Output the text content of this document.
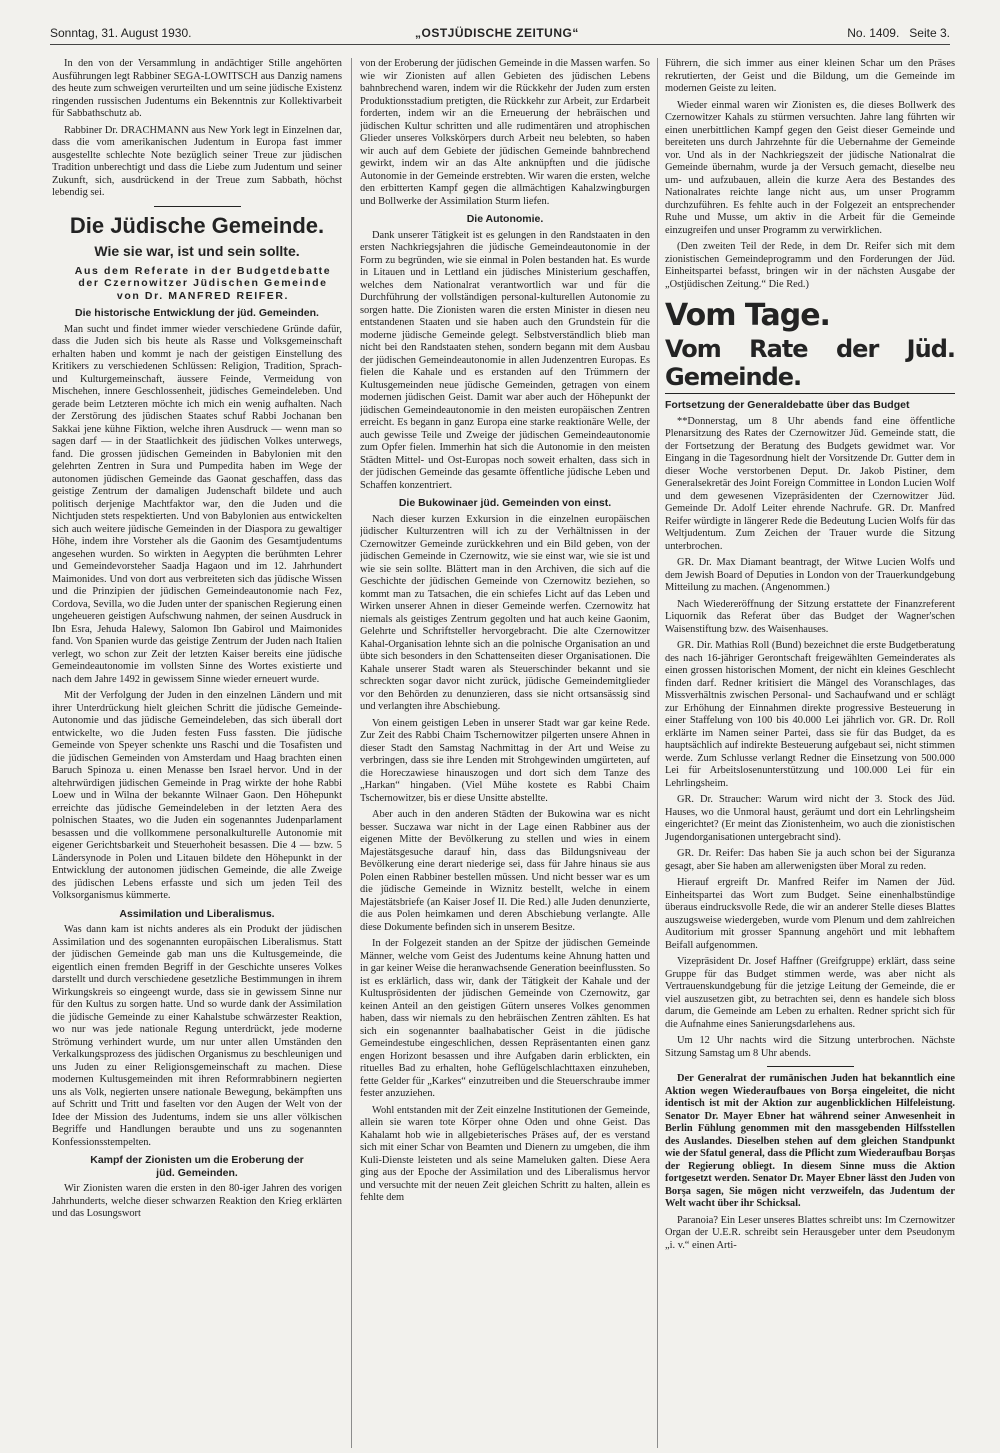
Sonntag, 31. August 1930.	„OSTJÜDISCHE ZEITUNG“	No. 1409. Seite 3.

In den von der Versammlung in andächtiger Stille angehörten Ausführungen legt Rabbiner SEGA-LOWITSCH aus Danzig namens des heute zum schweigen verurteilten und um seine jüdische Existenz ringenden russischen Judentums ein Bekenntnis zur Kollektivarbeit für Sabbathschutz ab.

Rabbiner Dr. DRACHMANN aus New York legt in Einzelnen dar, dass die vom amerikanischen Judentum in Europa fast immer ausgestellte schlechte Note bezüglich seiner Treue zur jüdischen Tradition unberechtigt und dass die Liebe zum Judentum und seiner Zukunft, sich, ausdrückend in der Treue zum Sabbath, höchst lebendig sei.

Die Jüdische Gemeinde.
Wie sie war, ist und sein sollte.

Aus dem Referate in der Budgetdebatte

der Czernowitzer Jüdischen Gemeinde

von Dr. MANFRED REIFER.

Die historische Entwicklung der jüd. Gemeinden.

Man sucht und findet immer wieder verschiedene Gründe dafür, dass die Juden sich bis heute als Rasse und Volksgemeinschaft erhalten haben und kommt je nach der geistigen Einstellung des Kritikers zu verschiedenen Schlüssen: Religion, Tradition, Sprach- und Kulturgemeinschaft, äussere Feinde, Vermeidung von Mischehen, innere Geschlossenheit, jüdisches Gemeindeleben. Und gerade beim Letzteren möchte ich mich ein wenig aufhalten. Nach der Zerstörung des jüdischen Staates schuf Rabbi Jochanan ben Sakkai jene kühne Fiktion, welche ihren Ausdruck — wenn man so sagen darf — in der Staatlichkeit des jüdischen Volkes unterwegs, fand. Die grossen jüdischen Gemeinden in Babylonien mit den gelehrten Zentren in Sura und Pumpedita haben im Wege der autonomen jüdischen Gemeinde das Gaonat geschaffen, dass das geistige Zentrum der damaligen Judenschaft bildete und auch politisch derjenige Machtfaktor war, den die Juden und die Nichtjuden stets respektierten. Und von Babylonien aus entwickelten sich auch weitere jüdische Gemeinden in der Diaspora zu gewaltiger Höhe, indem ihre Vorsteher als die Gaonim des Gesamtjudentums angesehen wurden. So wirkten in Aegypten die berühmten Lehrer und Gemeindevorsteher Saadja Hagaon und im 12. Jahrhundert Maimonides. Und von dort aus verbreiteten sich das jüdische Wissen und die Prinzipien der jüdischen Gemeindeautonomie nach Fez, Cordova, Sevilla, wo die Juden unter der spanischen Regierung einen ungeheueren geistigen Aufschwung nahmen, der seinen Ausdruck in Ibn Esra, Jehuda Halewy, Salomon Ibn Gabirol und Maimonides fand. Von Spanien wurde das geistige Zentrum der Juden nach Italien verlegt, wo schon zur Zeit der letzten Kaiser bereits eine jüdische Gemeindeautonomie im vollsten Sinne des Wortes existierte und nach dem Jahre 1492 in gewissem Sinne wieder erneuert wurde.

Mit der Verfolgung der Juden in den einzelnen Ländern und mit ihrer Unterdrückung hielt gleichen Schritt die jüdische Gemeinde-Autonomie und das jüdische Gemeindeleben, das sich überall dort entwickelte, wo die Juden festen Fuss fassten. Die jüdische Gemeinde von Speyer schenkte uns Raschi und die Tosafisten und die jüdischen Gemeinden von Amsterdam und Haag brachten einen Baruch Spinoza u. einen Menasse ben Israel hervor. Und in der altehrwürdigen jüdischen Gemeinde in Prag wirkte der hohe Rabbi Loew und in Wilna der bekannte Wilnaer Gaon. Den Höhepunkt erreichte das jüdische Gemeindeleben in der letzten Aera des polnischen Staates, wo die Juden ein sogenanntes Judenparlament besassen und die vollkommene personalkulturelle Autonomie mit eigener Gerichtsbarkeit und Steuerhoheit besassen. Die 4 — bzw. 5 Ländersynode in Polen und Litauen bildete den Höhepunkt in der Entwicklung der autonomen jüdischen Gemeinde, die alle Zweige des jüdischen Lebens erfasste und sich um jeden Teil des Volksorganismus kümmerte.

Assimilation und Liberalismus.

Was dann kam ist nichts anderes als ein Produkt der jüdischen Assimilation und des sogenannten europäischen Liberalismus. Statt der jüdischen Gemeinde gab man uns die Kultusgemeinde, die eigentlich einen fremden Begriff in der Geschichte unseres Volkes darstellt und durch verschiedene gesetzliche Bestimmungen in ihrem Wirkungskreis so eingeengt wurde, dass sie in gewissem Sinne nur für den Kultus zu sorgen hatte. Und so wurde dank der Assimilation die jüdische Gemeinde zu einer Kahalstube schwärzester Reaktion, wo nur was jede nationale Regung unterdrückt, jede moderne Strömung verhindert wurde, um nur unter allen Umständen den Verkalkungsprozess des jüdischen Organismus zu beschleunigen und uns Juden zu einer Religionsgemeinschaft zu machen. Diese modernen Kultusgemeinden mit ihren Reformrabbinern negierten uns als Volk, negierten unsere nationale Bewegung, bekämpften uns auf Schritt und Tritt und faselten vor den Augen der Welt von der Idee der Mission des Judentums, indem sie uns aller völkischen Begriffe und Handlungen beraubte und uns zu sogenannten Konfessionsstempelten.

Kampf der Zionisten um die Eroberung der
jüd. Gemeinden.

Wir Zionisten waren die ersten in den 80-iger Jahren des vorigen Jahrhunderts, welche dieser schwarzen Reaktion den Krieg erklärten und das Losungswort

von der Eroberung der jüdischen Gemeinde in die Massen warfen. So wie wir Zionisten auf allen Gebieten des jüdischen Lebens bahnbrechend waren, indem wir die Rückkehr der Juden zum ersten Produktionsstadium pretigten, die Rückkehr zur Arbeit, zur Erdarbeit forderten, indem wir an die Erneuerung der hebräischen und jüdischen Kultur schritten und alle rudimentären und atrophischen Glieder unseres Volkskörpers durch Arbeit neu belebten, so haben wir auch auf dem Gebiete der jüdischen Gemeinde bahnbrechend gewirkt, indem wir an das Alte anknüpften und die jüdische Autonomie in der Gemeinde erstrebten. Wir waren die ersten, welche den erbitterten Kampf gegen die allmächtigen Kahalzwingburgen und Bollwerke der Assimilation Sturm liefen.

Die Autonomie.

Dank unserer Tätigkeit ist es gelungen in den Randstaaten in den ersten Nachkriegsjahren die jüdische Gemeindeautonomie in der Form zu begründen, wie sie einmal in Polen bestanden hat. Es wurde in Litauen und in Lettland ein jüdisches Ministerium geschaffen, welches dem Nationalrat verantwortlich war und für die Durchführung der vollständigen personal-kulturellen Autonomie zu sorgen hatte. Die Zionisten waren die ersten Minister in diesen neu entstandenen Staaten und sie haben auch den Grundstein für die moderne jüdische Gemeinde gelegt. Selbstverständlich blieb man nicht bei den Randstaaten stehen, sondern begann mit dem Ausbau der jüdischen Gemeindeautonomie in allen Judenzentren Europas. Es fielen die Kahale und es erstanden auf den Trümmern der Kultusgemeinden neue jüdische Gemeinden, getragen von einem modernen jüdischen Geist. Damit war aber auch der Höhepunkt der jüdischen Gemeindeautonomie in den meisten europäischen Zentren erreicht. Es begann in ganz Europa eine starke reaktionäre Welle, der auch gewisse Teile und Zweige der jüdischen Gemeindeautonomie zum Opfer fielen. Immerhin hat sich die Autonomie in den meisten Städten Mittel- und Ost-Europas noch soweit erhalten, dass sich in der jüdischen Gemeinde das gesamte öffentliche jüdische Leben und Schaffen konzentriert.

Die Bukowinaer jüd. Gemeinden von einst.

Nach dieser kurzen Exkursion in die einzelnen europäischen jüdischer Kulturzentren will ich zu der Verhältnissen in der Czernowitzer Gemeinde zurückkehren und ein Bild geben, von der jüdischen Gemeinde in Czernowitz, wie sie einst war, wie sie ist und wie sie sein sollte. Blättert man in den Archiven, die sich auf die Geschichte der jüdischen Gemeinde von Czernowitz beziehen, so kommt man zu Tatsachen, die ein schiefes Licht auf das Leben und Wirken unserer Ahnen in dieser Gemeinde werfen. Czernowitz hat niemals als geistiges Zentrum gegolten und hat auch keine Gaonim, Gelehrte und Schriftsteller hervorgebracht. Die alte Czernowitzer Kahal-Organisation lehnte sich an die polnische Organisation an und übte sich besonders in den Schattenseiten dieser Organisationen. Die Kahale unserer Stadt waren als Steuerschinder bekannt und sie schreckten sogar davor nicht zurück, jüdische Gemeindemitglieder vor den Behörden zu denunzieren, dass sie nicht ortsansässig sind und verlangten ihre Abschiebung.

Von einem geistigen Leben in unserer Stadt war gar keine Rede. Zur Zeit des Rabbi Chaim Tschernowitzer pilgerten unsere Ahnen in dieser Stadt den Samstag Nachmittag in der Art und Weise zu verbringen, dass sie ihre Lenden mit Strohgewinden umgürteten, auf die Horeczawiese hinauszogen und dort sich dem Tanze des „Harkan“ hingaben. (Viel Mühe kostete es Rabbi Chaim Tschernowitzer, bis er diese Unsitte abstellte.

Aber auch in den anderen Städten der Bukowina war es nicht besser. Suczawa war nicht in der Lage einen Rabbiner aus der eigenen Mitte der Bevölkerung zu stellen und wies in einem Majestätsgesuche darauf hin, dass das Bildungsniveau der Bevölkerung eine derart niederige sei, dass für Jahre hinaus sie aus Polen einen Rabbiner bestellen müssen. Und nicht besser war es um die jüdische Gemeinde in Wiznitz bestellt, welche in einem Majestätsbriefe (an Kaiser Josef II. Die Red.) alle Juden denunzierte, die aus Polen heimkamen und deren Abschiebung verlangte. Alle diese Dokumente befinden sich in unserem Besitze.

In der Folgezeit standen an der Spitze der jüdischen Gemeinde Männer, welche vom Geist des Judentums keine Ahnung hatten und in gar keiner Weise die heranwachsende Generation beeinflussten. So ist es erklärlich, dass wir, dank der Tätigkeit der Kahale und der Kultusprösidenten der jüdischen Gemeinde von Czernowitz, gar keinen Anteil an den geistigen Gütern unseres Volkes genommen haben, dass wir niemals zu den hebräischen Zentren zählten. Es hat sich ein sogenannter baalhabatischer Geist in die jüdische Gemeindestube eingeschlichen, dessen Repräsentanten einen ganz engen Horizont besassen und ihre Aufgaben darin erblickten, ein rituelles Bad zu erhalten, hohe Geflügelschlachttaxen einzuheben, fette Gelder für „Karkes“ einzutreiben und die Steuerschraube immer fester anzuziehen.

Wohl entstanden mit der Zeit einzelne Institutionen der Gemeinde, allein sie waren tote Körper ohne Oden und ohne Geist. Das Kahalamt hob wie in allgebieterisches Präses auf, der es verstand sich mit einer Schar von Beamten und Dienern zu umgeben, die ihm Kuli-Dienste leisteten und als seine Mameluken galten. Diese Aera ging aus der Epoche der Assimilation und des Liberalismus hervor und versuchte mit der neuen Zeit gleichen Schritt zu halten, allein es fehlte dem

Führern, die sich immer aus einer kleinen Schar um den Präses rekrutierten, der Geist und die Bildung, um die Gemeinde im modernen Geiste zu leiten.

Wieder einmal waren wir Zionisten es, die dieses Bollwerk des Czernowitzer Kahals zu stürmen versuchten. Jahre lang führten wir einen unerbittlichen Kampf gegen den Geist dieser Gemeinde und bereiteten uns durch Jahrzehnte für die Uebernahme der Gemeinde vor. Und als in der Nachkriegszeit der jüdische Nationalrat die Gemeinde übernahm, wurde ja der Versuch gemacht, dieselbe neu um- und aufzubauen, allein die kurze Aera des Bestandes des Nationalrates reichte lange nicht aus, um unser Programm durchzuführen. Es fehlte auch in der Folgezeit an entsprechender Ruhe und Musse, um aktiv in die Arbeit für die Gemeinde einzugreifen und unser Programm zu verwirklichen.

(Den zweiten Teil der Rede, in dem Dr. Reifer sich mit dem zionistischen Gemeindeprogramm und den Forderungen der Jüd. Einheitspartei befasst, bringen wir in der nächsten Ausgabe der „Ostjüdischen Zeitung.“ Die Red.)

Vom Tage.
Vom Rate der Jüd. Gemeinde.
Fortsetzung der Generaldebatte über das Budget

**Donnerstag, um 8 Uhr abends fand eine öffentliche Plenarsitzung des Rates der Czernowitzer Jüd. Gemeinde statt, die der Fortsetzung der Beratung des Budgets gewidmet war. Vor Eingang in die Tagesordnung hielt der Vorsitzende Dr. Gutter dem in dieser Woche verstorbenen Deput. Dr. Jakob Pistiner, dem Generalsekretär des Joint Foreign Committee in London Lucien Wolf und dem gewesenen Vizepräsidenten der Czernowitzer Jüd. Gemeinde Dr. Adolf Leiter ehrende Nachrufe. GR. Dr. Manfred Reifer würdigte in längerer Rede die Bedeutung Lucien Wolfs für das Weltjudentum. Zum Zeichen der Trauer wurde die Sitzung unterbrochen.

GR. Dr. Max Diamant beantragt, der Witwe Lucien Wolfs und dem Jewish Board of Deputies in London von der Trauerkundgebung Mitteilung zu machen. (Angenommen.)

Nach Wiedereröffnung der Sitzung erstattete der Finanzreferent Liquornik das Referat über das Budget der Wagner'schen Waisenstiftung bzw. des Waisenhauses.

GR. Dir. Mathias Roll (Bund) bezeichnet die erste Budgetberatung des nach 16-jähriger Gerontschaft freigewählten Gemeinderates als einen grossen historischen Moment, der nicht ein kleines Geschlecht finden darf. Redner kritisiert die Mängel des Voranschlages, das Missverhältnis zwischen Personal- und Sachaufwand und er schlägt zur Erhöhung der Einnahmen direkte progressive Besteuerung in einer Staffelung von 100 bis 40.000 Lei jährlich vor. GR. Dr. Roll erklärte im Namen seiner Partei, dass sie für das Budget, da es hauptsächlich auf indirekte Besteuerung aufgebaut sei, nicht stimmen werde. Zum Schlusse verlangt Redner die Einsetzung von 500.000 Lei für Arbeitslosenunterstützung und 100.000 Lei für ein Lehrlingsheim.

GR. Dr. Straucher: Warum wird nicht der 3. Stock des Jüd. Hauses, wo die Unmoral haust, geräumt und dort ein Lehrlingsheim eingerichtet? (Er meint das Zionistenheim, wo auch die zionistischen Jugendorganisationen untergebracht sind).

GR. Dr. Reifer: Das haben Sie ja auch schon bei der Siguranza gesagt, aber Sie haben am allerwenigsten über Moral zu reden.

Hierauf ergreift Dr. Manfred Reifer im Namen der Jüd. Einheitspartei das Wort zum Budget. Seine einenhalbstündige überaus eindrucksvolle Rede, die wir an anderer Stelle dieses Blattes auszugsweise wiedergeben, wurde vom Plenum und dem zahlreichen Auditorium mit grosser Spannung angehört und mit lebhaftem Beifall aufgenommen.

Vizepräsident Dr. Josef Haffner (Greifgruppe) erklärt, dass seine Gruppe für das Budget stimmen werde, was aber nicht als Vertrauenskundgebung für die jetzige Leitung der Gemeinde, die er viel auszusetzen gibt, zu betrachten sei, denn es handele sich bloss darum, die Gemeinde am Leben zu erhalten. Redner spricht sich für die Aufnahme eines Sanierungsdarlehens aus.

Um 12 Uhr nachts wird die Sitzung unterbrochen. Nächste Sitzung Samstag um 8 Uhr abends.

Der Generalrat der rumänischen Juden hat bekanntlich eine Aktion wegen Wiederaufbaues von Borşa eingeleitet, die nicht identisch ist mit der Aktion zur augenblicklichen Hilfeleistung. Senator Dr. Mayer Ebner hat während seiner Anwesenheit in Berlin Fühlung genommen mit den massgebenden Hilfsstellen des Auslandes. Dieselben stehen auf dem gleichen Standpunkt wie der Sfatul general, dass die Pflicht zum Wiederaufbau Borşas der Regierung obliegt. In diesem Sinne muss die Aktion fortgesetzt werden. Senator Dr. Mayer Ebner lässt den Juden von Borşa sagen, Sie mögen nicht verzweifeln, das Judentum der Welt wacht über ihr Schicksal.

Paranoia? Ein Leser unseres Blattes schreibt uns: Im Czernowitzer Organ der U.E.R. schreibt sein Herausgeber unter dem Pseudonym „i. v.“ einen Arti-
